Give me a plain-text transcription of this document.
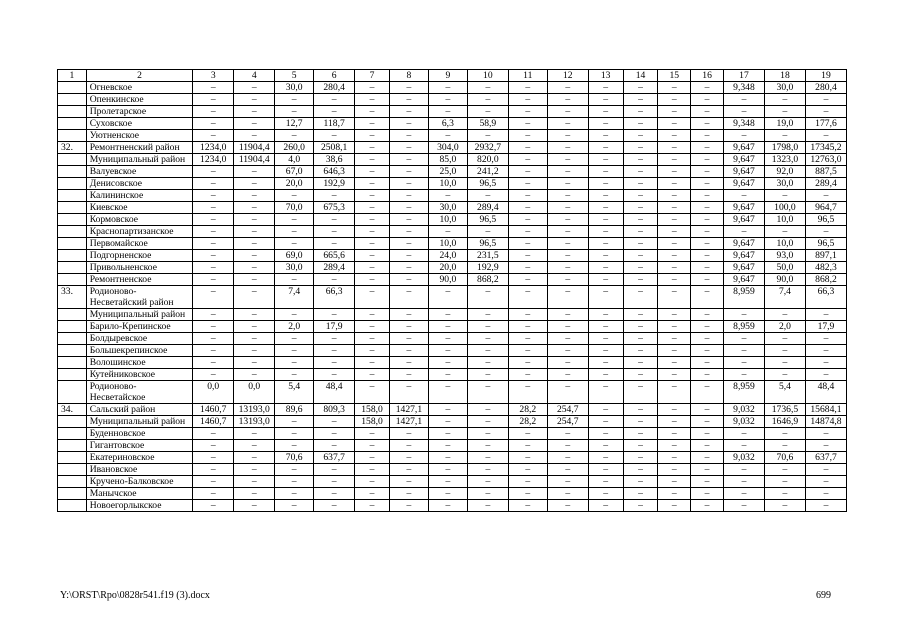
1	2	3	4	5	6	7	8	9	10	11	12	13	14	15	16	17	18	19
	Огневское	–	–	30,0	280,4	–	–	–	–	–	–	–	–	–	–	9,348	30,0	280,4
	Опенкинское	–	–	–	–	–	–	–	–	–	–	–	–	–	–	–	–	–
	Пролетарское	–	–	–	–	–	–	–	–	–	–	–	–	–	–	–	–	–
	Суховское	–	–	12,7	118,7	–	–	6,3	58,9	–	–	–	–	–	–	9,348	19,0	177,6
	Уютненское	–	–	–	–	–	–	–	–	–	–	–	–	–	–	–	–	–
32.	Ремонтненский район	1234,0	11904,4	260,0	2508,1	–	–	304,0	2932,7	–	–	–	–	–	–	9,647	1798,0	17345,2
	Муниципальный район	1234,0	11904,4	4,0	38,6	–	–	85,0	820,0	–	–	–	–	–	–	9,647	1323,0	12763,0
	Валуевское	–	–	67,0	646,3	–	–	25,0	241,2	–	–	–	–	–	–	9,647	92,0	887,5
	Денисовское	–	–	20,0	192,9	–	–	10,0	96,5	–	–	–	–	–	–	9,647	30,0	289,4
	Калининское	–	–	–	–	–	–	–	–	–	–	–	–	–	–	–	–	–
	Киевское	–	–	70,0	675,3	–	–	30,0	289,4	–	–	–	–	–	–	9,647	100,0	964,7
	Кормовское	–	–	–	–	–	–	10,0	96,5	–	–	–	–	–	–	9,647	10,0	96,5
	Краснопартизанское	–	–	–	–	–	–	–	–	–	–	–	–	–	–	–	–	–
	Первомайское	–	–	–	–	–	–	10,0	96,5	–	–	–	–	–	–	9,647	10,0	96,5
	Подгорненское	–	–	69,0	665,6	–	–	24,0	231,5	–	–	–	–	–	–	9,647	93,0	897,1
	Привольненское	–	–	30,0	289,4	–	–	20,0	192,9	–	–	–	–	–	–	9,647	50,0	482,3
	Ремонтненское	–	–	–	–	–	–	90,0	868,2	–	–	–	–	–	–	9,647	90,0	868,2
33.	Родионово-Несветайский район	–	–	7,4	66,3	–	–	–	–	–	–	–	–	–	–	8,959	7,4	66,3
	Муниципальный район	–	–	–	–	–	–	–	–	–	–	–	–	–	–	–	–	–
	Барило-Крепинское	–	–	2,0	17,9	–	–	–	–	–	–	–	–	–	–	8,959	2,0	17,9
	Болдыревское	–	–	–	–	–	–	–	–	–	–	–	–	–	–	–	–	–
	Большекрепинское	–	–	–	–	–	–	–	–	–	–	–	–	–	–	–	–	–
	Волошинское	–	–	–	–	–	–	–	–	–	–	–	–	–	–	–	–	–
	Кутейниковское	–	–	–	–	–	–	–	–	–	–	–	–	–	–	–	–	–
	Родионово-Несветайское	0,0	0,0	5,4	48,4	–	–	–	–	–	–	–	–	–	–	8,959	5,4	48,4
34.	Сальский район	1460,7	13193,0	89,6	809,3	158,0	1427,1	–	–	28,2	254,7	–	–	–	–	9,032	1736,5	15684,1
	Муниципальный район	1460,7	13193,0	–	–	158,0	1427,1	–	–	28,2	254,7	–	–	–	–	9,032	1646,9	14874,8
	Буденновское	–	–	–	–	–	–	–	–	–	–	–	–	–	–	–	–	–
	Гигантовское	–	–	–	–	–	–	–	–	–	–	–	–	–	–	–	–	–
	Екатериновское	–	–	70,6	637,7	–	–	–	–	–	–	–	–	–	–	9,032	70,6	637,7
	Ивановское	–	–	–	–	–	–	–	–	–	–	–	–	–	–	–	–	–
	Кручено-Балковское	–	–	–	–	–	–	–	–	–	–	–	–	–	–	–	–	–
	Манычское	–	–	–	–	–	–	–	–	–	–	–	–	–	–	–	–	–
	Новоегорлыкское	–	–	–	–	–	–	–	–	–	–	–	–	–	–	–	–	–
Y:\ORST\Rpo\0828r541.f19 (3).docx	699
